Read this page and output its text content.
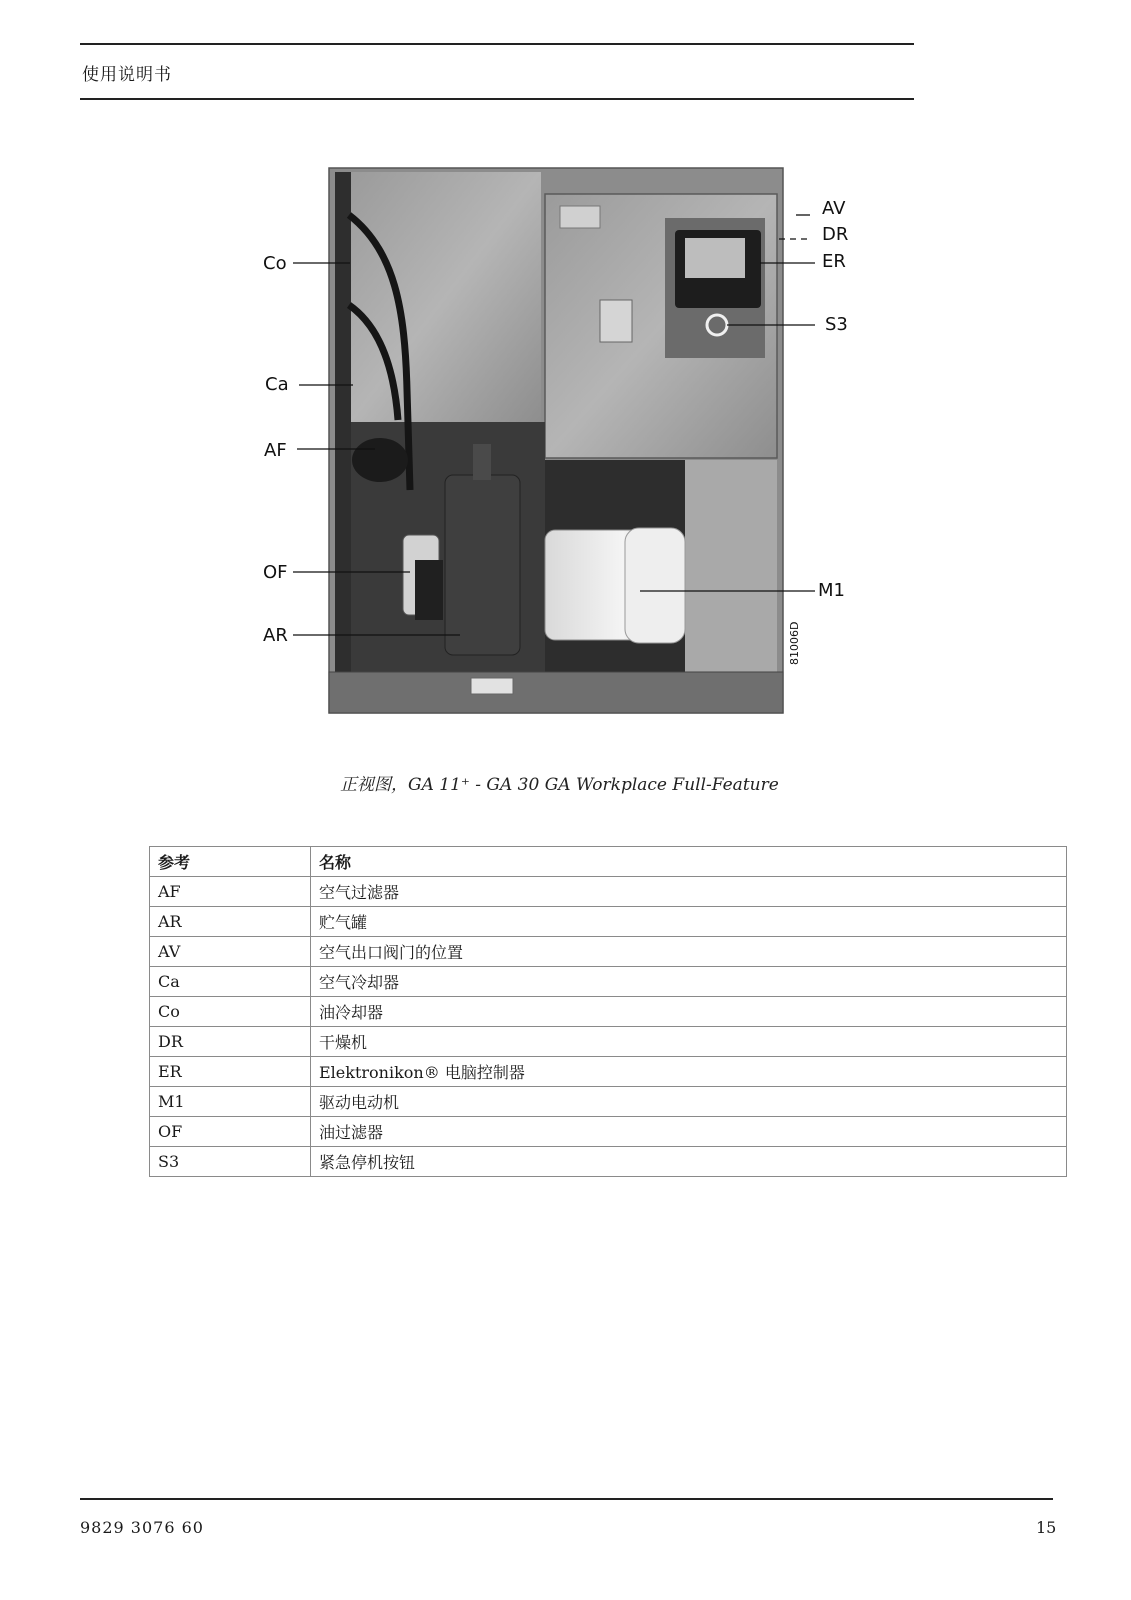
使用说明书
Co
Ca
AF
OF
AR
AV
DR
ER
S3
M1
81006D
正视图，GA 11⁺ - GA 30 GA Workplace Full-Feature
参考	名称
AF	空气过滤器
AR	贮气罐
AV	空气出口阀门的位置
Ca	空气冷却器
Co	油冷却器
DR	干燥机
ER	Elektronikon® 电脑控制器
M1	驱动电动机
OF	油过滤器
S3	紧急停机按钮
9829 3076 60	15
